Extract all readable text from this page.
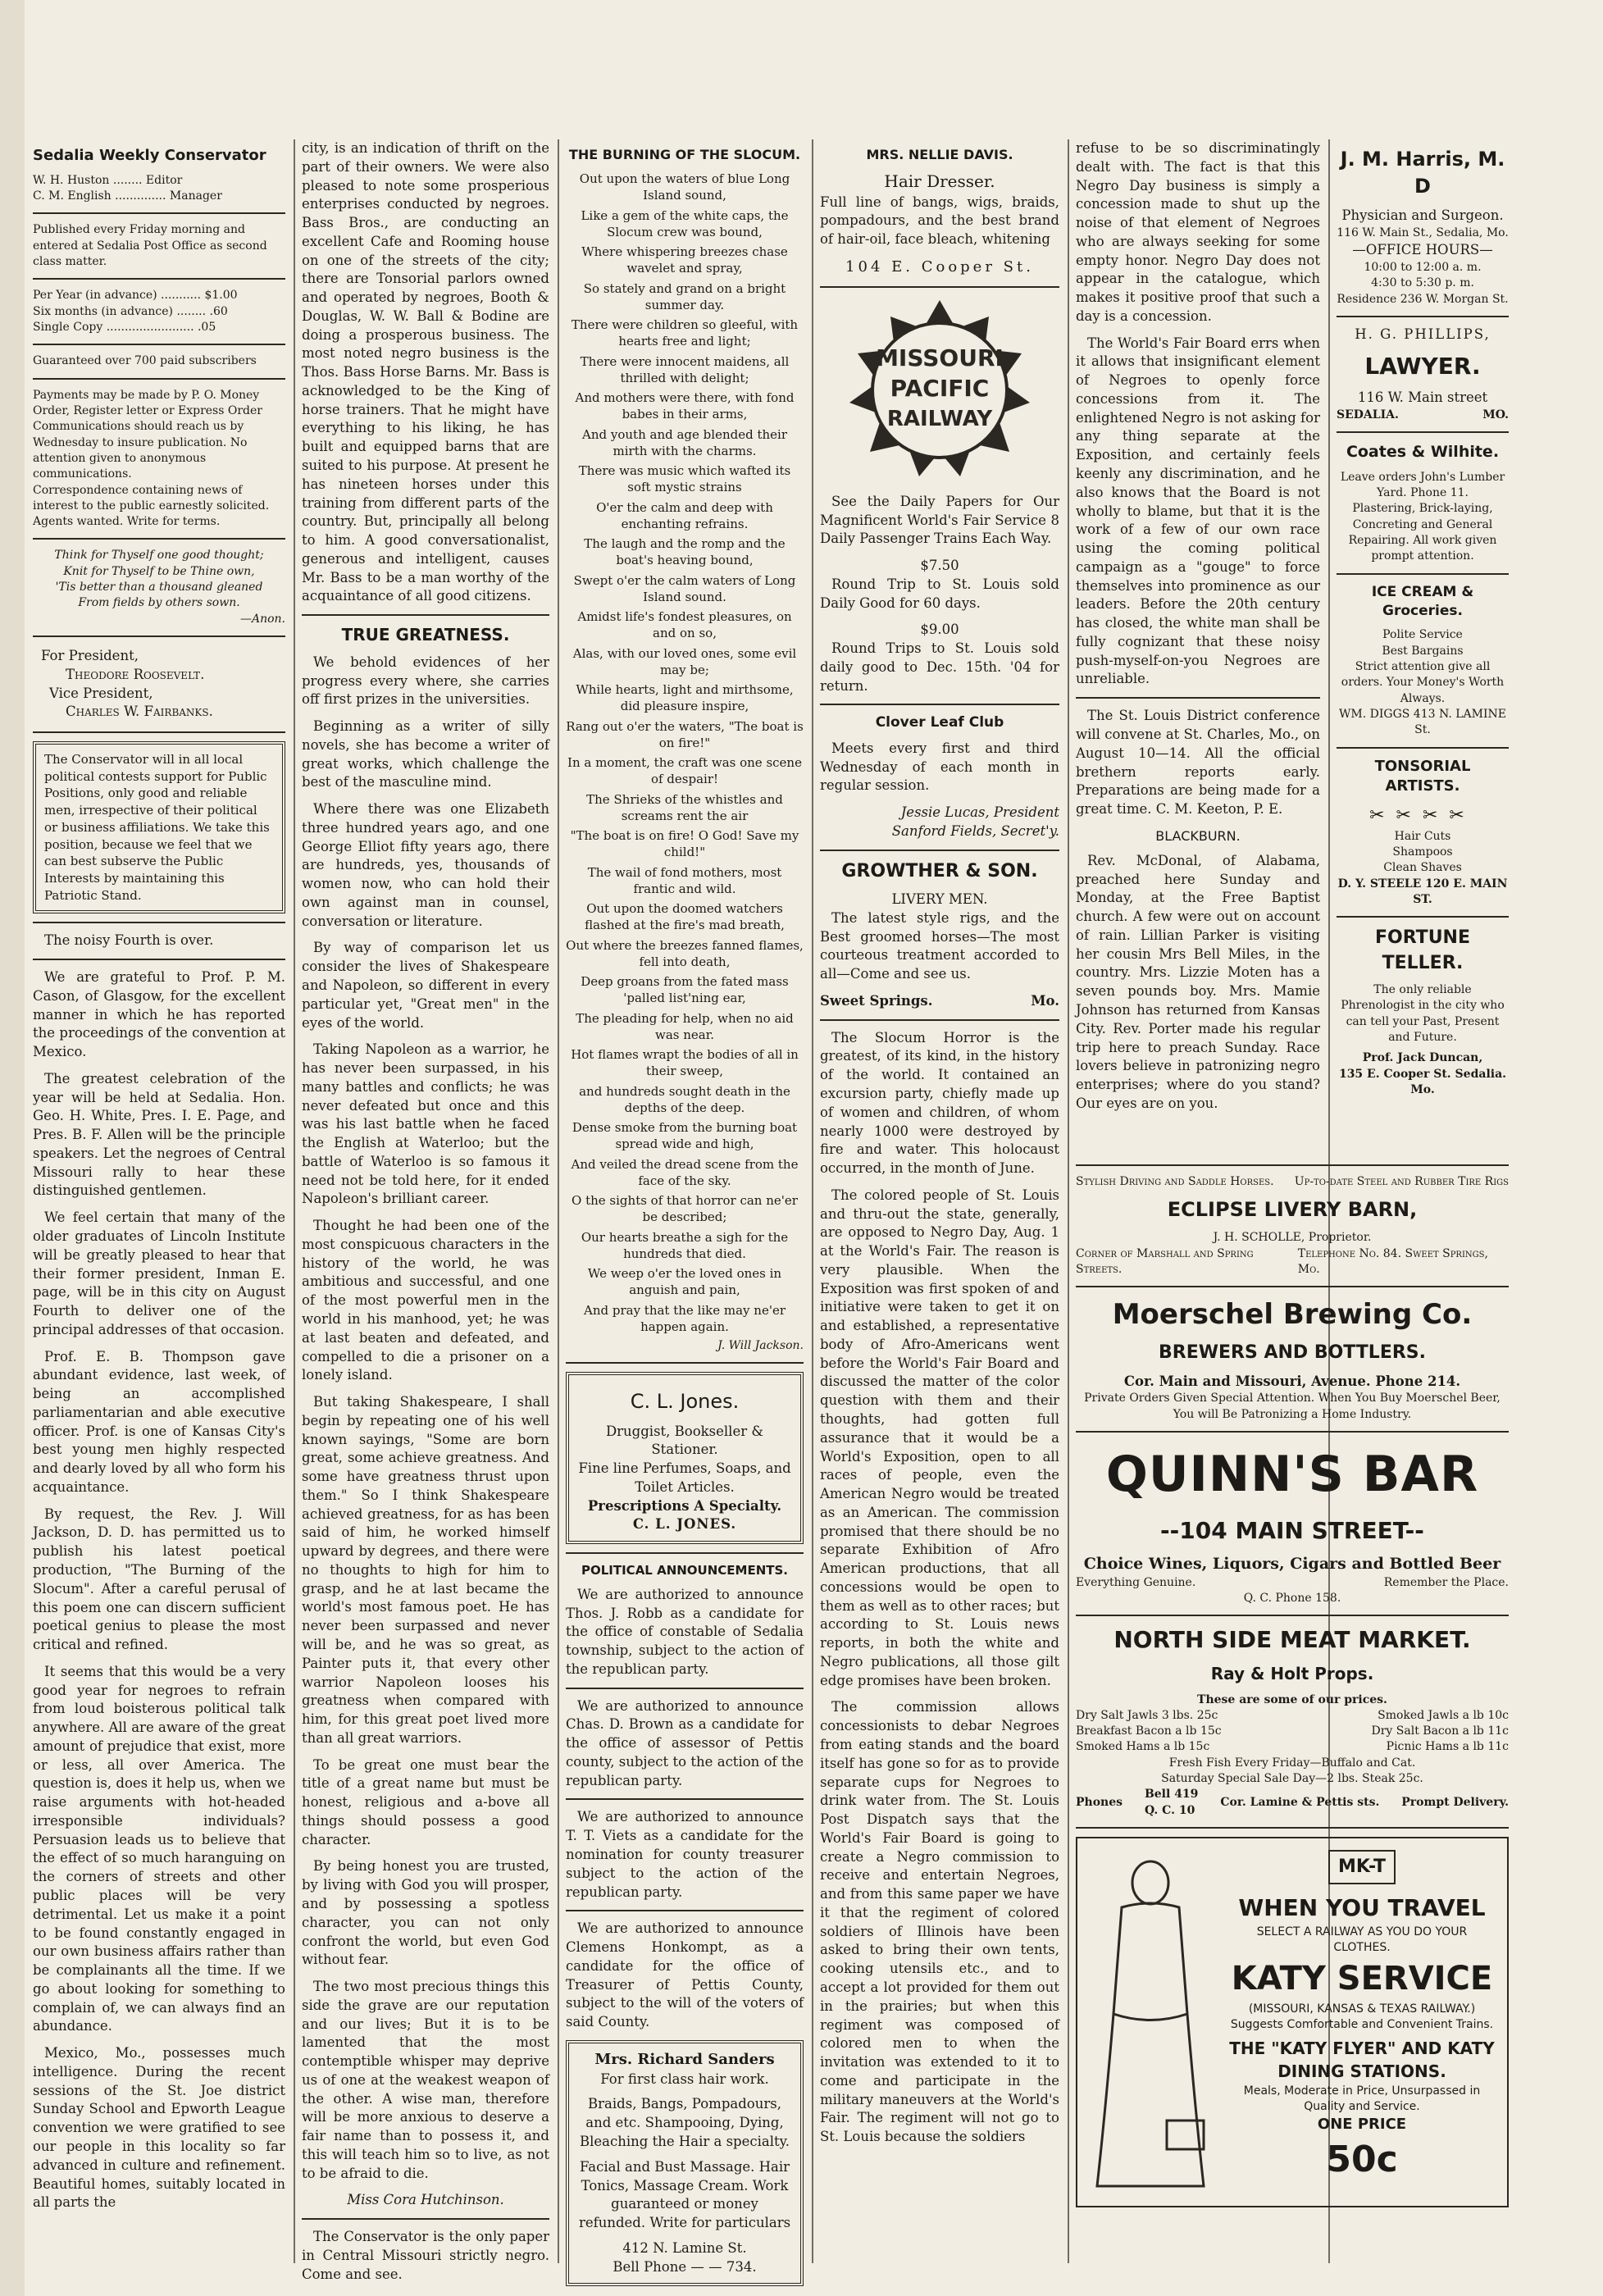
Sedalia Weekly Conservator
W. H. Huston ........ Editor
C. M. English .............. Manager
Published every Friday morning and entered at Sedalia Post Office as second class matter.
Per Year (in advance) ........... $1.00
Six months (in advance) ........ .60
Single Copy ........................ .05
Guaranteed over 700 paid subscribers
Payments may be made by P. O. Money Order, Register letter or Express Order
Communications should reach us by Wednesday to insure publication. No attention given to anonymous communications.
Correspondence containing news of interest to the public earnestly solicited. Agents wanted. Write for terms.
Think for Thyself one good thought;
Knit for Thyself to be Thine own,
'Tis better than a thousand gleaned
From fields by others sown.
—Anon.
For President,
Theodore Roosevelt.
Vice President,
Charles W. Fairbanks.
The Conservator will in all local political contests support for Public Positions, only good and reliable men, irrespective of their political or business affiliations. We take this position, because we feel that we can best subserve the Public Interests by maintaining this Patriotic Stand.

The noisy Fourth is over.

We are grateful to Prof. P. M. Cason, of Glasgow, for the excellent manner in which he has reported the proceedings of the convention at Mexico.

The greatest celebration of the year will be held at Sedalia. Hon. Geo. H. White, Pres. I. E. Page, and Pres. B. F. Allen will be the principle speakers. Let the negroes of Central Missouri rally to hear these distinguished gentlemen.

We feel certain that many of the older graduates of Lincoln Institute will be greatly pleased to hear that their former president, Inman E. page, will be in this city on August Fourth to deliver one of the principal addresses of that occasion.

Prof. E. B. Thompson gave abundant evidence, last week, of being an accomplished parliamentarian and able executive officer. Prof. is one of Kansas City's best young men highly respected and dearly loved by all who form his acquaintance.

By request, the Rev. J. Will Jackson, D. D. has permitted us to publish his latest poetical production, "The Burning of the Slocum". After a careful perusal of this poem one can discern sufficient poetical genius to please the most critical and refined.

It seems that this would be a very good year for negroes to refrain from loud boisterous political talk anywhere. All are aware of the great amount of prejudice that exist, more or less, all over America. The question is, does it help us, when we raise arguments with hot-headed irresponsible individuals? Persuasion leads us to believe that the effect of so much haranguing on the corners of streets and other public places will be very detrimental. Let us make it a point to be found constantly engaged in our own business affairs rather than be complainants all the time. If we go about looking for something to complain of, we can always find an abundance.

Mexico, Mo., possesses much intelligence. During the recent sessions of the St. Joe district Sunday School and Epworth League convention we were gratified to see our people in this locality so far advanced in culture and refinement. Beautiful homes, suitably located in all parts the

city, is an indication of thrift on the part of their owners. We were also pleased to note some prosperious enterprises conducted by negroes. Bass Bros., are conducting an excellent Cafe and Rooming house on one of the streets of the city; there are Tonsorial parlors owned and operated by negroes, Booth & Douglas, W. W. Ball & Bodine are doing a prosperous business. The most noted negro business is the Thos. Bass Horse Barns. Mr. Bass is acknowledged to be the King of horse trainers. That he might have everything to his liking, he has built and equipped barns that are suited to his purpose. At present he has nineteen horses under this training from different parts of the country. But, principally all belong to him. A good conversationalist, generous and intelligent, causes Mr. Bass to be a man worthy of the acquaintance of all good citizens.

TRUE GREATNESS.

We behold evidences of her progress every where, she carries off first prizes in the universities.

Beginning as a writer of silly novels, she has become a writer of great works, which challenge the best of the masculine mind.

Where there was one Elizabeth three hundred years ago, and one George Elliot fifty years ago, there are hundreds, yes, thousands of women now, who can hold their own against man in counsel, conversation or literature.

By way of comparison let us consider the lives of Shakespeare and Napoleon, so different in every particular yet, "Great men" in the eyes of the world.

Taking Napoleon as a warrior, he has never been surpassed, in his many battles and conflicts; he was never defeated but once and this was his last battle when he faced the English at Waterloo; but the battle of Waterloo is so famous it need not be told here, for it ended Napoleon's brilliant career.

Thought he had been one of the most conspicuous characters in the history of the world, he was ambitious and successful, and one of the most powerful men in the world in his manhood, yet; he was at last beaten and defeated, and compelled to die a prisoner on a lonely island.

But taking Shakespeare, I shall begin by repeating one of his well known sayings, "Some are born great, some achieve greatness. And some have greatness thrust upon them." So I think Shakespeare achieved greatness, for as has been said of him, he worked himself upward by degrees, and there were no thoughts to high for him to grasp, and he at last became the world's most famous poet. He has never been surpassed and never will be, and he was so great, as Painter puts it, that every other warrior Napoleon looses his greatness when compared with him, for this great poet lived more than all great warriors.

To be great one must bear the title of a great name but must be honest, religious and a-bove all things should possess a good character.

By being honest you are trusted, by living with God you will prosper, and by possessing a spotless character, you can not only confront the world, but even God without fear.

The two most precious things this side the grave are our reputation and our lives; But it is to be lamented that the most contemptible whisper may deprive us of one at the weakest weapon of the other. A wise man, therefore will be more anxious to deserve a fair name than to possess it, and this will teach him so to live, as not to be afraid to die.

Miss Cora Hutchinson.

The Conservator is the only paper in Central Missouri strictly negro. Come and see.

THE BURNING OF THE SLOCUM.
Out upon the waters of blue Long Island sound,
Like a gem of the white caps, the Slocum crew was bound,
Where whispering breezes chase wavelet and spray,
So stately and grand on a bright summer day.
There were children so gleeful, with hearts free and light;
There were innocent maidens, all thrilled with delight;
And mothers were there, with fond babes in their arms,
And youth and age blended their mirth with the charms.
There was music which wafted its soft mystic strains
O'er the calm and deep with enchanting refrains.
The laugh and the romp and the boat's heaving bound,
Swept o'er the calm waters of Long Island sound.
Amidst life's fondest pleasures, on and on so,
Alas, with our loved ones, some evil may be;
While hearts, light and mirthsome, did pleasure inspire,
Rang out o'er the waters, "The boat is on fire!"
In a moment, the craft was one scene of despair!
The Shrieks of the whistles and screams rent the air
"The boat is on fire! O God! Save my child!"
The wail of fond mothers, most frantic and wild.
Out upon the doomed watchers flashed at the fire's mad breath,
Out where the breezes fanned flames, fell into death,
Deep groans from the fated mass 'palled list'ning ear,
The pleading for help, when no aid was near.
Hot flames wrapt the bodies of all in their sweep,
and hundreds sought death in the depths of the deep.
Dense smoke from the burning boat spread wide and high,
And veiled the dread scene from the face of the sky.
O the sights of that horror can ne'er be described;
Our hearts breathe a sigh for the hundreds that died.
We weep o'er the loved ones in anguish and pain,
And pray that the like may ne'er happen again.
J. Will Jackson.
C. L. Jones.
Druggist, Bookseller & Stationer.
Fine line Perfumes, Soaps, and Toilet Articles.
Prescriptions A Specialty.
C. L. JONES.
POLITICAL ANNOUNCEMENTS.

We are authorized to announce Thos. J. Robb as a candidate for the office of constable of Sedalia township, subject to the action of the republican party.

We are authorized to announce Chas. D. Brown as a candidate for the office of assessor of Pettis county, subject to the action of the republican party.

We are authorized to announce T. T. Viets as a candidate for the nomination for county treasurer subject to the action of the republican party.

We are authorized to announce Clemens Honkompt, as a candidate for the office of Treasurer of Pettis County, subject to the will of the voters of said County.

Mrs. Richard Sanders
For first class hair work.
Braids, Bangs, Pompadours, and etc. Shampooing, Dying, Bleaching the Hair a specialty.
Facial and Bust Massage. Hair Tonics, Massage Cream. Work guaranteed or money refunded. Write for particulars
412 N. Lamine St.
Bell Phone — — 734.
MRS. NELLIE DAVIS.
Hair Dresser.

Full line of bangs, wigs, braids, pompadours, and the best brand of hair-oil, face bleach, whitening

104 E. Cooper St.
MISSOURI
PACIFIC
RAILWAY

See the Daily Papers for Our Magnificent World's Fair Service 8 Daily Passenger Trains Each Way.

$7.50

Round Trip to St. Louis sold Daily Good for 60 days.

$9.00

Round Trips to St. Louis sold daily good to Dec. 15th. '04 for return.

Clover Leaf Club

Meets every first and third Wednesday of each month in regular session.

Jessie Lucas, President
Sanford Fields, Secret'y.
GROWTHER & SON.
LIVERY MEN.

The latest style rigs, and the Best groomed horses—The most courteous treatment accorded to all—Come and see us.

Sweet Springs.	Mo.

The Slocum Horror is the greatest, of its kind, in the history of the world. It contained an excursion party, chiefly made up of women and children, of whom nearly 1000 were destroyed by fire and water. This holocaust occurred, in the month of June.

The colored people of St. Louis and thru-out the state, generally, are opposed to Negro Day, Aug. 1 at the World's Fair. The reason is very plausible. When the Exposition was first spoken of and initiative were taken to get it on and established, a representative body of Afro-Americans went before the World's Fair Board and discussed the matter of the color question with them and their thoughts, had gotten full assurance that it would be a World's Exposition, open to all races of people, even the American Negro would be treated as an American. The commission promised that there should be no separate Exhibition of Afro American productions, that all concessions would be open to them as well as to other races; but according to St. Louis news reports, in both the white and Negro publications, all those gilt edge promises have been broken.

The commission allows concessionists to debar Negroes from eating stands and the board itself has gone so for as to provide separate cups for Negroes to drink water from. The St. Louis Post Dispatch says that the World's Fair Board is going to create a Negro commission to receive and entertain Negroes, and from this same paper we have it that the regiment of colored soldiers of Illinois have been asked to bring their own tents, cooking utensils etc., and to accept a lot provided for them out in the prairies; but when this regiment was composed of colored men to when the invitation was extended to it to come and participate in the military maneuvers at the World's Fair. The regiment will not go to St. Louis because the soldiers

refuse to be so discriminatingly dealt with. The fact is that this Negro Day business is simply a concession made to shut up the noise of that element of Negroes who are always seeking for some empty honor. Negro Day does not appear in the catalogue, which makes it positive proof that such a day is a concession.

The World's Fair Board errs when it allows that insignificant element of Negroes to openly force concessions from it. The enlightened Negro is not asking for any thing separate at the Exposition, and certainly feels keenly any discrimination, and he also knows that the Board is not wholly to blame, but that it is the work of a few of our own race using the coming political campaign as a "gouge" to force themselves into prominence as our leaders. Before the 20th century has closed, the white man shall be fully cognizant that these noisy push-myself-on-you Negroes are unreliable.

The St. Louis District conference will convene at St. Charles, Mo., on August 10—14. All the official brethern reports early. Preparations are being made for a great time. C. M. Keeton, P. E.

BLACKBURN.

Rev. McDonal, of Alabama, preached here Sunday and Monday, at the Free Baptist church. A few were out on account of rain. Lillian Parker is visiting her cousin Mrs Bell Miles, in the country. Mrs. Lizzie Moten has a seven pounds boy. Mrs. Mamie Johnson has returned from Kansas City. Rev. Porter made his regular trip here to preach Sunday. Race lovers believe in patronizing negro enterprises; where do you stand? Our eyes are on you.

J. M. Harris, M. D
Physician and Surgeon.
116 W. Main St., Sedalia, Mo.
—OFFICE HOURS—
10:00 to 12:00 a. m.
4:30 to 5:30 p. m.
Residence 236 W. Morgan St.
H. G. PHILLIPS,
LAWYER.
116 W. Main street
SEDALIA.	MO.
Coates & Wilhite.
Leave orders John's Lumber Yard. Phone 11.
Plastering, Brick-laying, Concreting and General Repairing. All work given prompt attention.
ICE CREAM & Groceries.
Polite Service
Best Bargains
Strict attention give all orders. Your Money's Worth Always.
WM. DIGGS 413 N. LAMINE St.
TONSORIAL ARTISTS.
✂✂✂✂
Hair Cuts
Shampoos
Clean Shaves
D. Y. STEELE 120 E. MAIN ST.
FORTUNE TELLER.
The only reliable Phrenologist in the city who can tell your Past, Present and Future.
Prof. Jack Duncan,
135 E. Cooper St. Sedalia. Mo.
Stylish Driving and Saddle Horses. Up-to-date Steel and Rubber Tire Rigs
ECLIPSE LIVERY BARN,
J. H. SCHOLLE, Proprietor.
Corner of Marshall and Spring Streets.
Telephone No. 84. Sweet Springs, Mo.
Moerschel Brewing Co.
BREWERS AND BOTTLERS.
Cor. Main and Missouri, Avenue. Phone 214.
Private Orders Given Special Attention. When You Buy Moerschel Beer, You will Be Patronizing a Home Industry.
QUINN'S BAR
--104 MAIN STREET--
Choice Wines, Liquors, Cigars and Bottled Beer
Everything Genuine.	Remember the Place.
Q. C. Phone 158.
NORTH SIDE MEAT MARKET.
Ray & Holt Props.
These are some of our prices.
Dry Salt Jawls 3 lbs. 25c
Breakfast Bacon a lb 15c
Smoked Hams a lb 15c
Smoked Jawls a lb 10c
Dry Salt Bacon a lb 11c
Picnic Hams a lb 11c
Fresh Fish Every Friday—Buffalo and Cat.
Saturday Special Sale Day—2 lbs. Steak 25c.
Phones
Bell 419
Q. C. 10
Cor. Lamine & Pettis sts. Prompt Delivery.
MK-T
WHEN YOU TRAVEL
SELECT A RAILWAY AS YOU DO YOUR CLOTHES.
KATY SERVICE
(MISSOURI, KANSAS & TEXAS RAILWAY.)
Suggests Comfortable and Convenient Trains.
THE "KATY FLYER" AND KATY DINING STATIONS.
Meals, Moderate in Price, Unsurpassed in Quality and Service.
ONE PRICE
50c
